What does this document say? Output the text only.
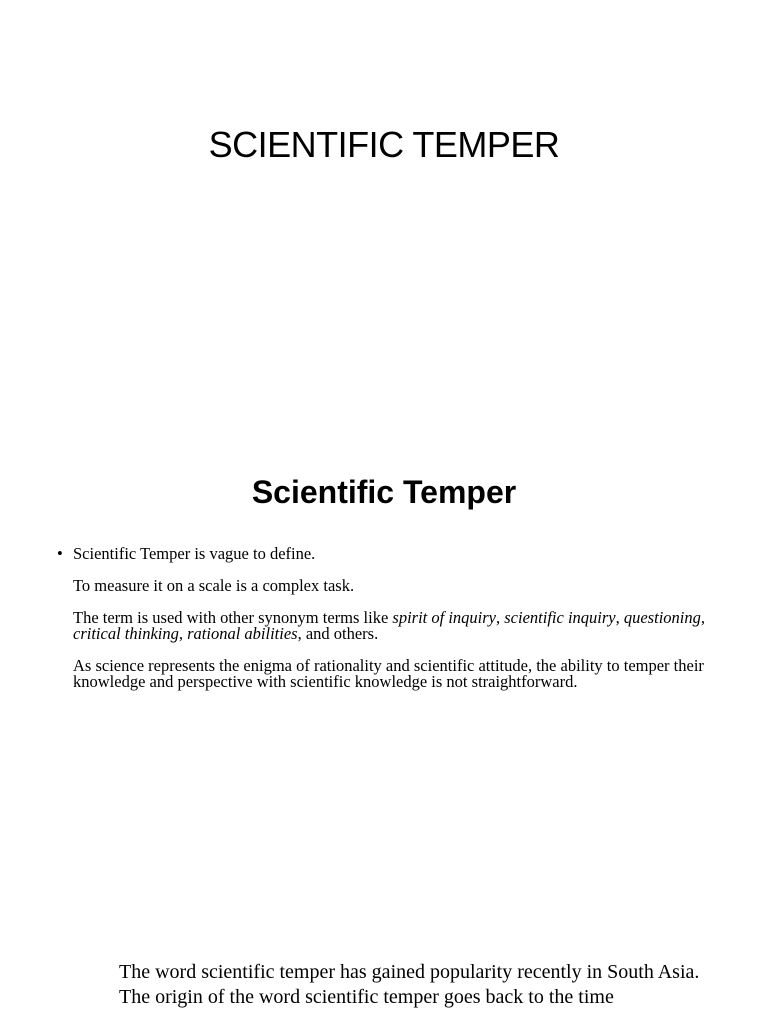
SCIENTIFIC TEMPER
Scientific Temper

• Scientific Temper is vague to define.

To measure it on a scale is a complex task.

The term is used with other synonym terms like spirit of inquiry, scientific inquiry, questioning, critical thinking, rational abilities, and others.

As science represents the enigma of rationality and scientific attitude, the ability to temper their knowledge and perspective with scientific knowledge is not straightforward.

The word scientific temper has gained popularity recently in South Asia.

The origin of the word scientific temper goes back to the time
